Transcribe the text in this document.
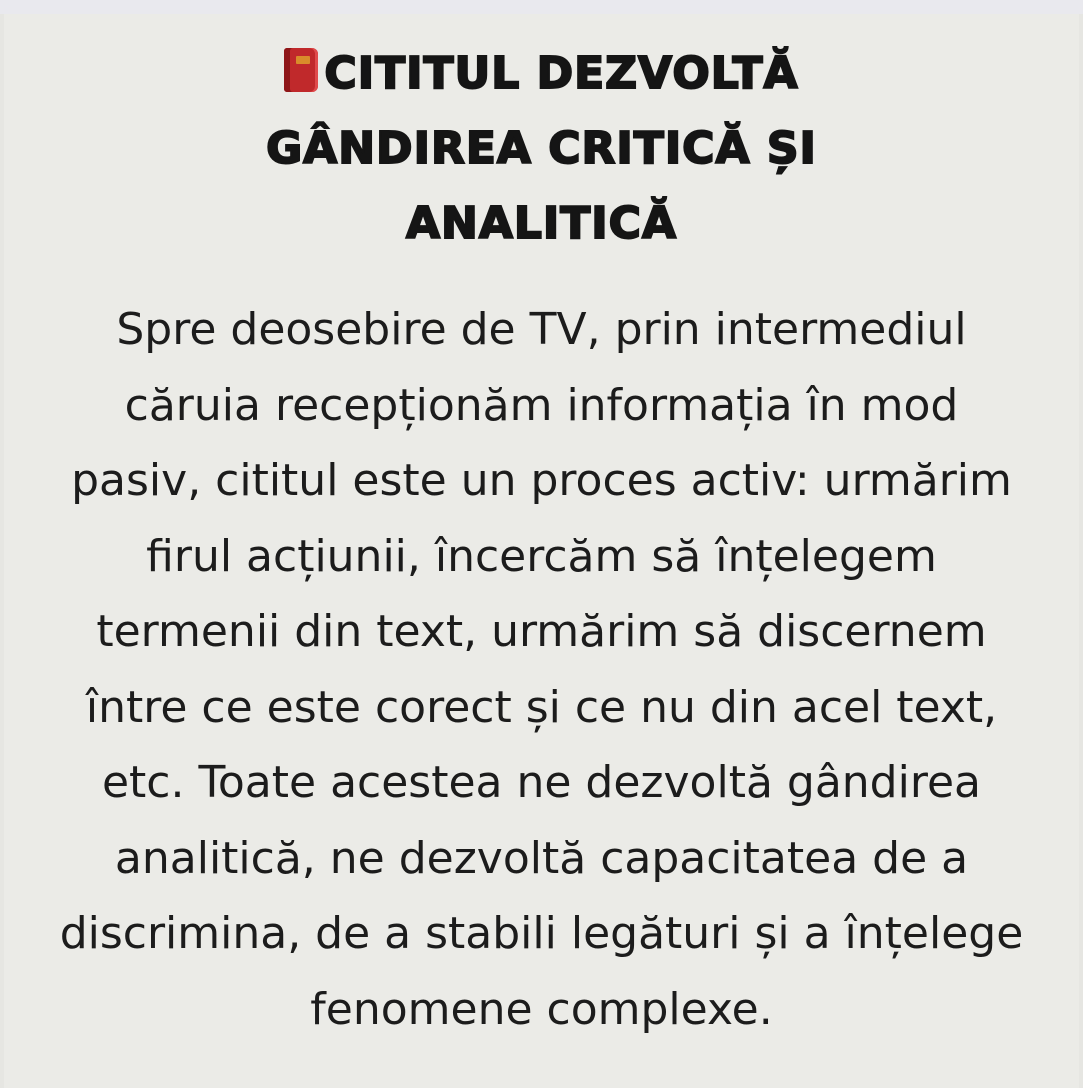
CITITUL DEZVOLTĂ
GÂNDIREA CRITICĂ ȘI
ANALITICĂ

Spre deosebire de TV, prin intermediul
căruia recepționăm informația în mod
pasiv, cititul este un proces activ: urmărim
firul acțiunii, încercăm să înțelegem
termenii din text, urmărim să discernem
între ce este corect și ce nu din acel text,
etc. Toate acestea ne dezvoltă gândirea
analitică, ne dezvoltă capacitatea de a
discrimina, de a stabili legături și a înțelege
fenomene complexe.
